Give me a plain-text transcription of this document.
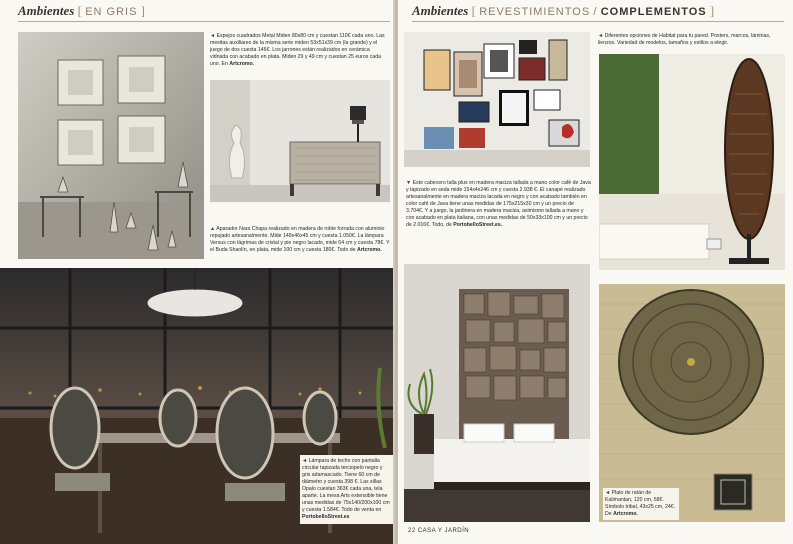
Ambientes [ EN GRIS ]
◄ Espejos cuadrados Metal Miden 80x80 cm y cuestan 110€ cada uno. Las mesitas auxiliares de la misma serie miden 53x51x39 cm (la grande) y el juego de dos cuesta 146€. Los jarrones están realizados en cerámica vidriada con acabado en plata. Miden 29 y 49 cm y cuestan 25 euros cada uno. En Artcromo.
▲ Aparador Nara Chapa realizado en madera de roble forrada con aluminio repujado artesanalmente. Mide 149x46x45 cm y cuesta 1.050€. La lámpara Versus con lágrimas de cristal y pie negro lacado, mide 64 cm y cuesta 78€. Y el Buda Shaolín, en plata, mide 100 cm y cuesta 180€. Todo de Artcromo.
◄ Lámpara de techo con pantalla circular tapizada terciopelo negro y gris adamascado. Tiene 60 cm de diámetro y cuesta 398 €. Las sillas Opalo cuestan 363€ cada una, tela aparte. La mesa Arts extensible tiene unas medidas de 75x140/200x100 cm y cuesta 1.584€. Todo de venta en PortobelloStreet.es
Ambientes [ REVESTIMIENTOS / COMPLEMENTOS ]
◄ Diferentes opciones de Habitat para tu pared. Posters, marcos, láminas, lienzos. Variedad de modelos, tamaños y estilos a elegir.
▼ Este cabecero talla plus en madera maciza tallada a mano color café de Java y tapizado en seda mide 154x4x246 cm y cuesta 2.938 €. El canapé realizado artesanalmente en madera maciza lacada en negro y con acabado también en color café de Java tiene unas medidas de 175x215x30 cm y un precio de 3.704€. Y a juego, la jardinera en madera maciza, asimismo tallada a mano y con acabado en plata italiana, con unas medidas de 50x33x100 cm y un precio de 2.016€. Todo, de PortobelloStreet.es.
◄ Plato de ratán de Kalimantan, 120 cm, 58€. Símbolo tribal, 43x25 cm, 24€. De Artcromo.
22 CASA Y JARDÍN
